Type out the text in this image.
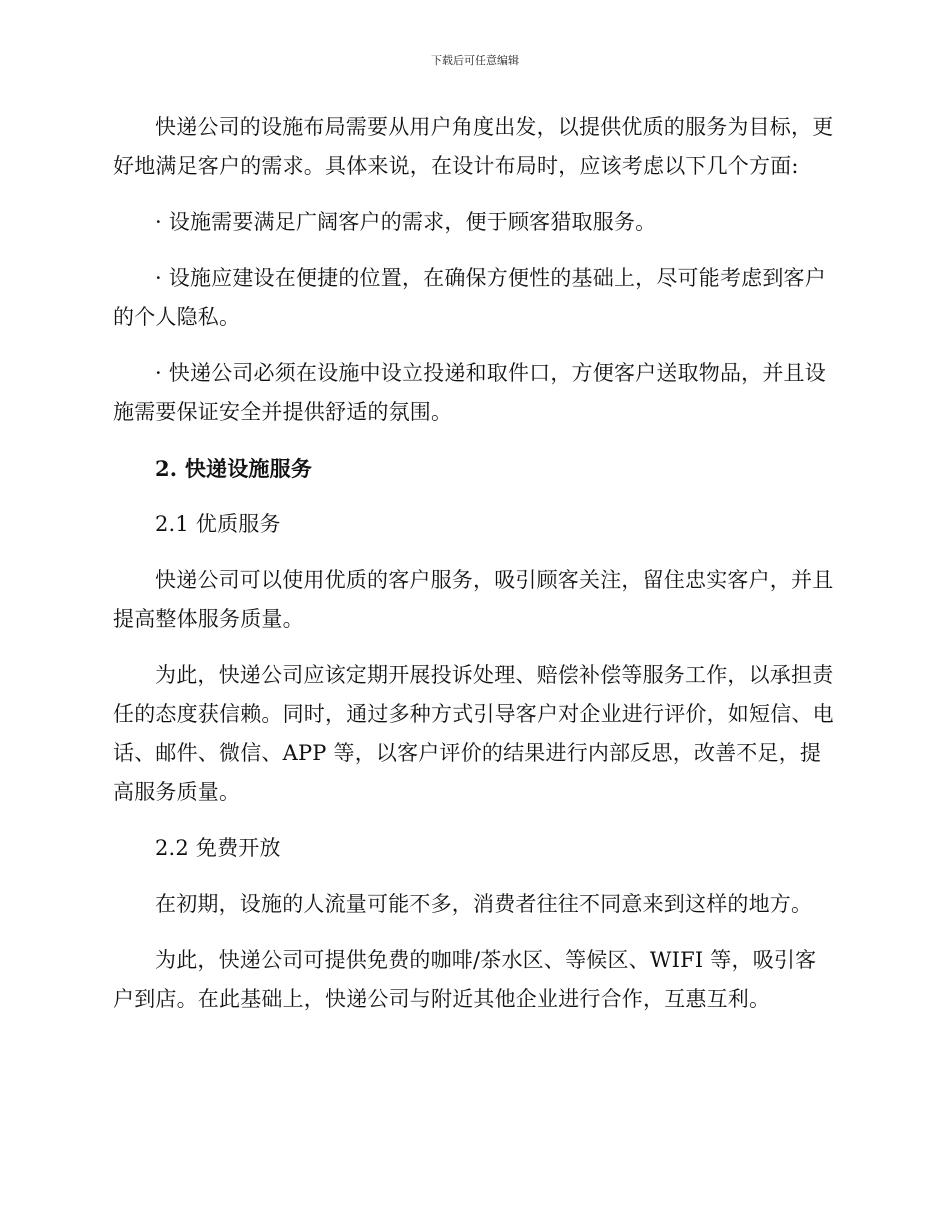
下载后可任意编辑

快递公司的设施布局需要从用户角度出发，以提供优质的服务为目标，更好地满足客户的需求。具体来说，在设计布局时，应该考虑以下几个方面:

· 设施需要满足广阔客户的需求，便于顾客猎取服务。

· 设施应建设在便捷的位置，在确保方便性的基础上，尽可能考虑到客户的个人隐私。

· 快递公司必须在设施中设立投递和取件口，方便客户送取物品，并且设施需要保证安全并提供舒适的氛围。

2. 快递设施服务

2.1 优质服务

快递公司可以使用优质的客户服务，吸引顾客关注，留住忠实客户，并且提高整体服务质量。

为此，快递公司应该定期开展投诉处理、赔偿补偿等服务工作，以承担责任的态度获信赖。同时，通过多种方式引导客户对企业进行评价，如短信、电话、邮件、微信、APP 等，以客户评价的结果进行内部反思，改善不足，提高服务质量。

2.2 免费开放

在初期，设施的人流量可能不多，消费者往往不同意来到这样的地方。

为此，快递公司可提供免费的咖啡/茶水区、等候区、WIFI 等，吸引客户到店。在此基础上，快递公司与附近其他企业进行合作，互惠互利。
